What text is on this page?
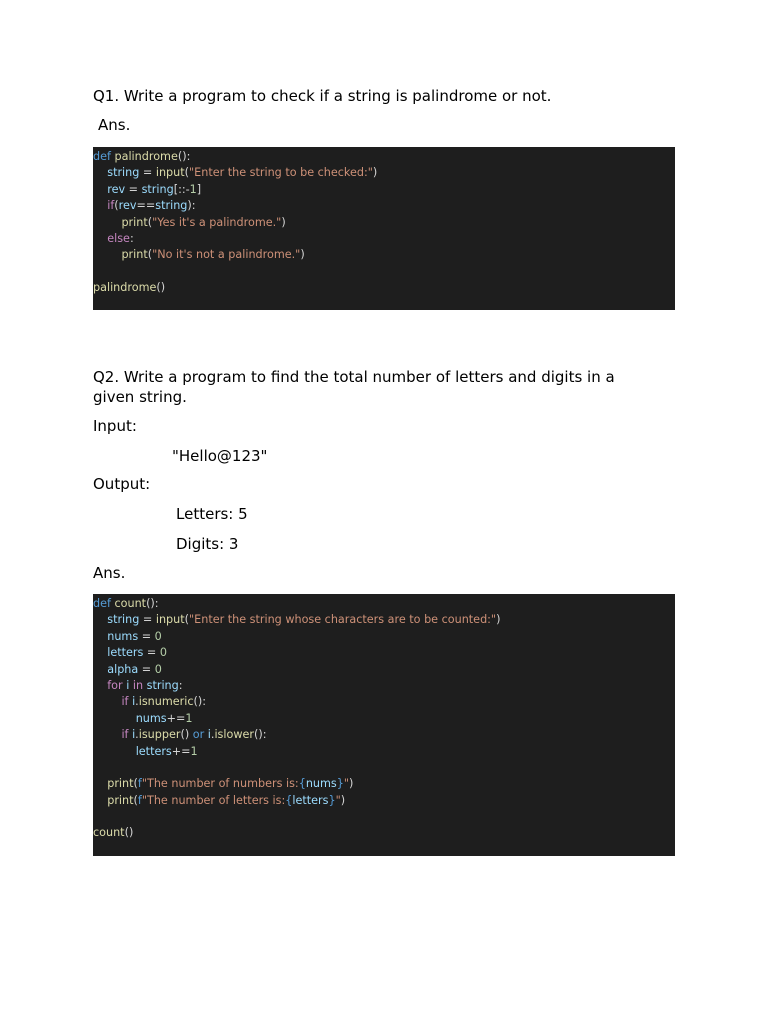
Q1. Write a program to check if a string is palindrome or not.

Ans.

def palindrome():
string = input("Enter the string to be checked:")
rev = string[::-1]
if(rev==string):
print("Yes it's a palindrome.")
else:
print("No it's not a palindrome.")
palindrome()

Q2. Write a program to find the total number of letters and digits in a

given string.

Input:

"Hello@123"

Output:

Letters: 5

Digits: 3

Ans.

def count():
string = input("Enter the string whose characters are to be counted:")
nums = 0
letters = 0
alpha = 0
for i in string:
if i.isnumeric():
nums+=1
if i.isupper() or i.islower():
letters+=1
print(f"The number of numbers is:{nums}")
print(f"The number of letters is:{letters}")
count()
